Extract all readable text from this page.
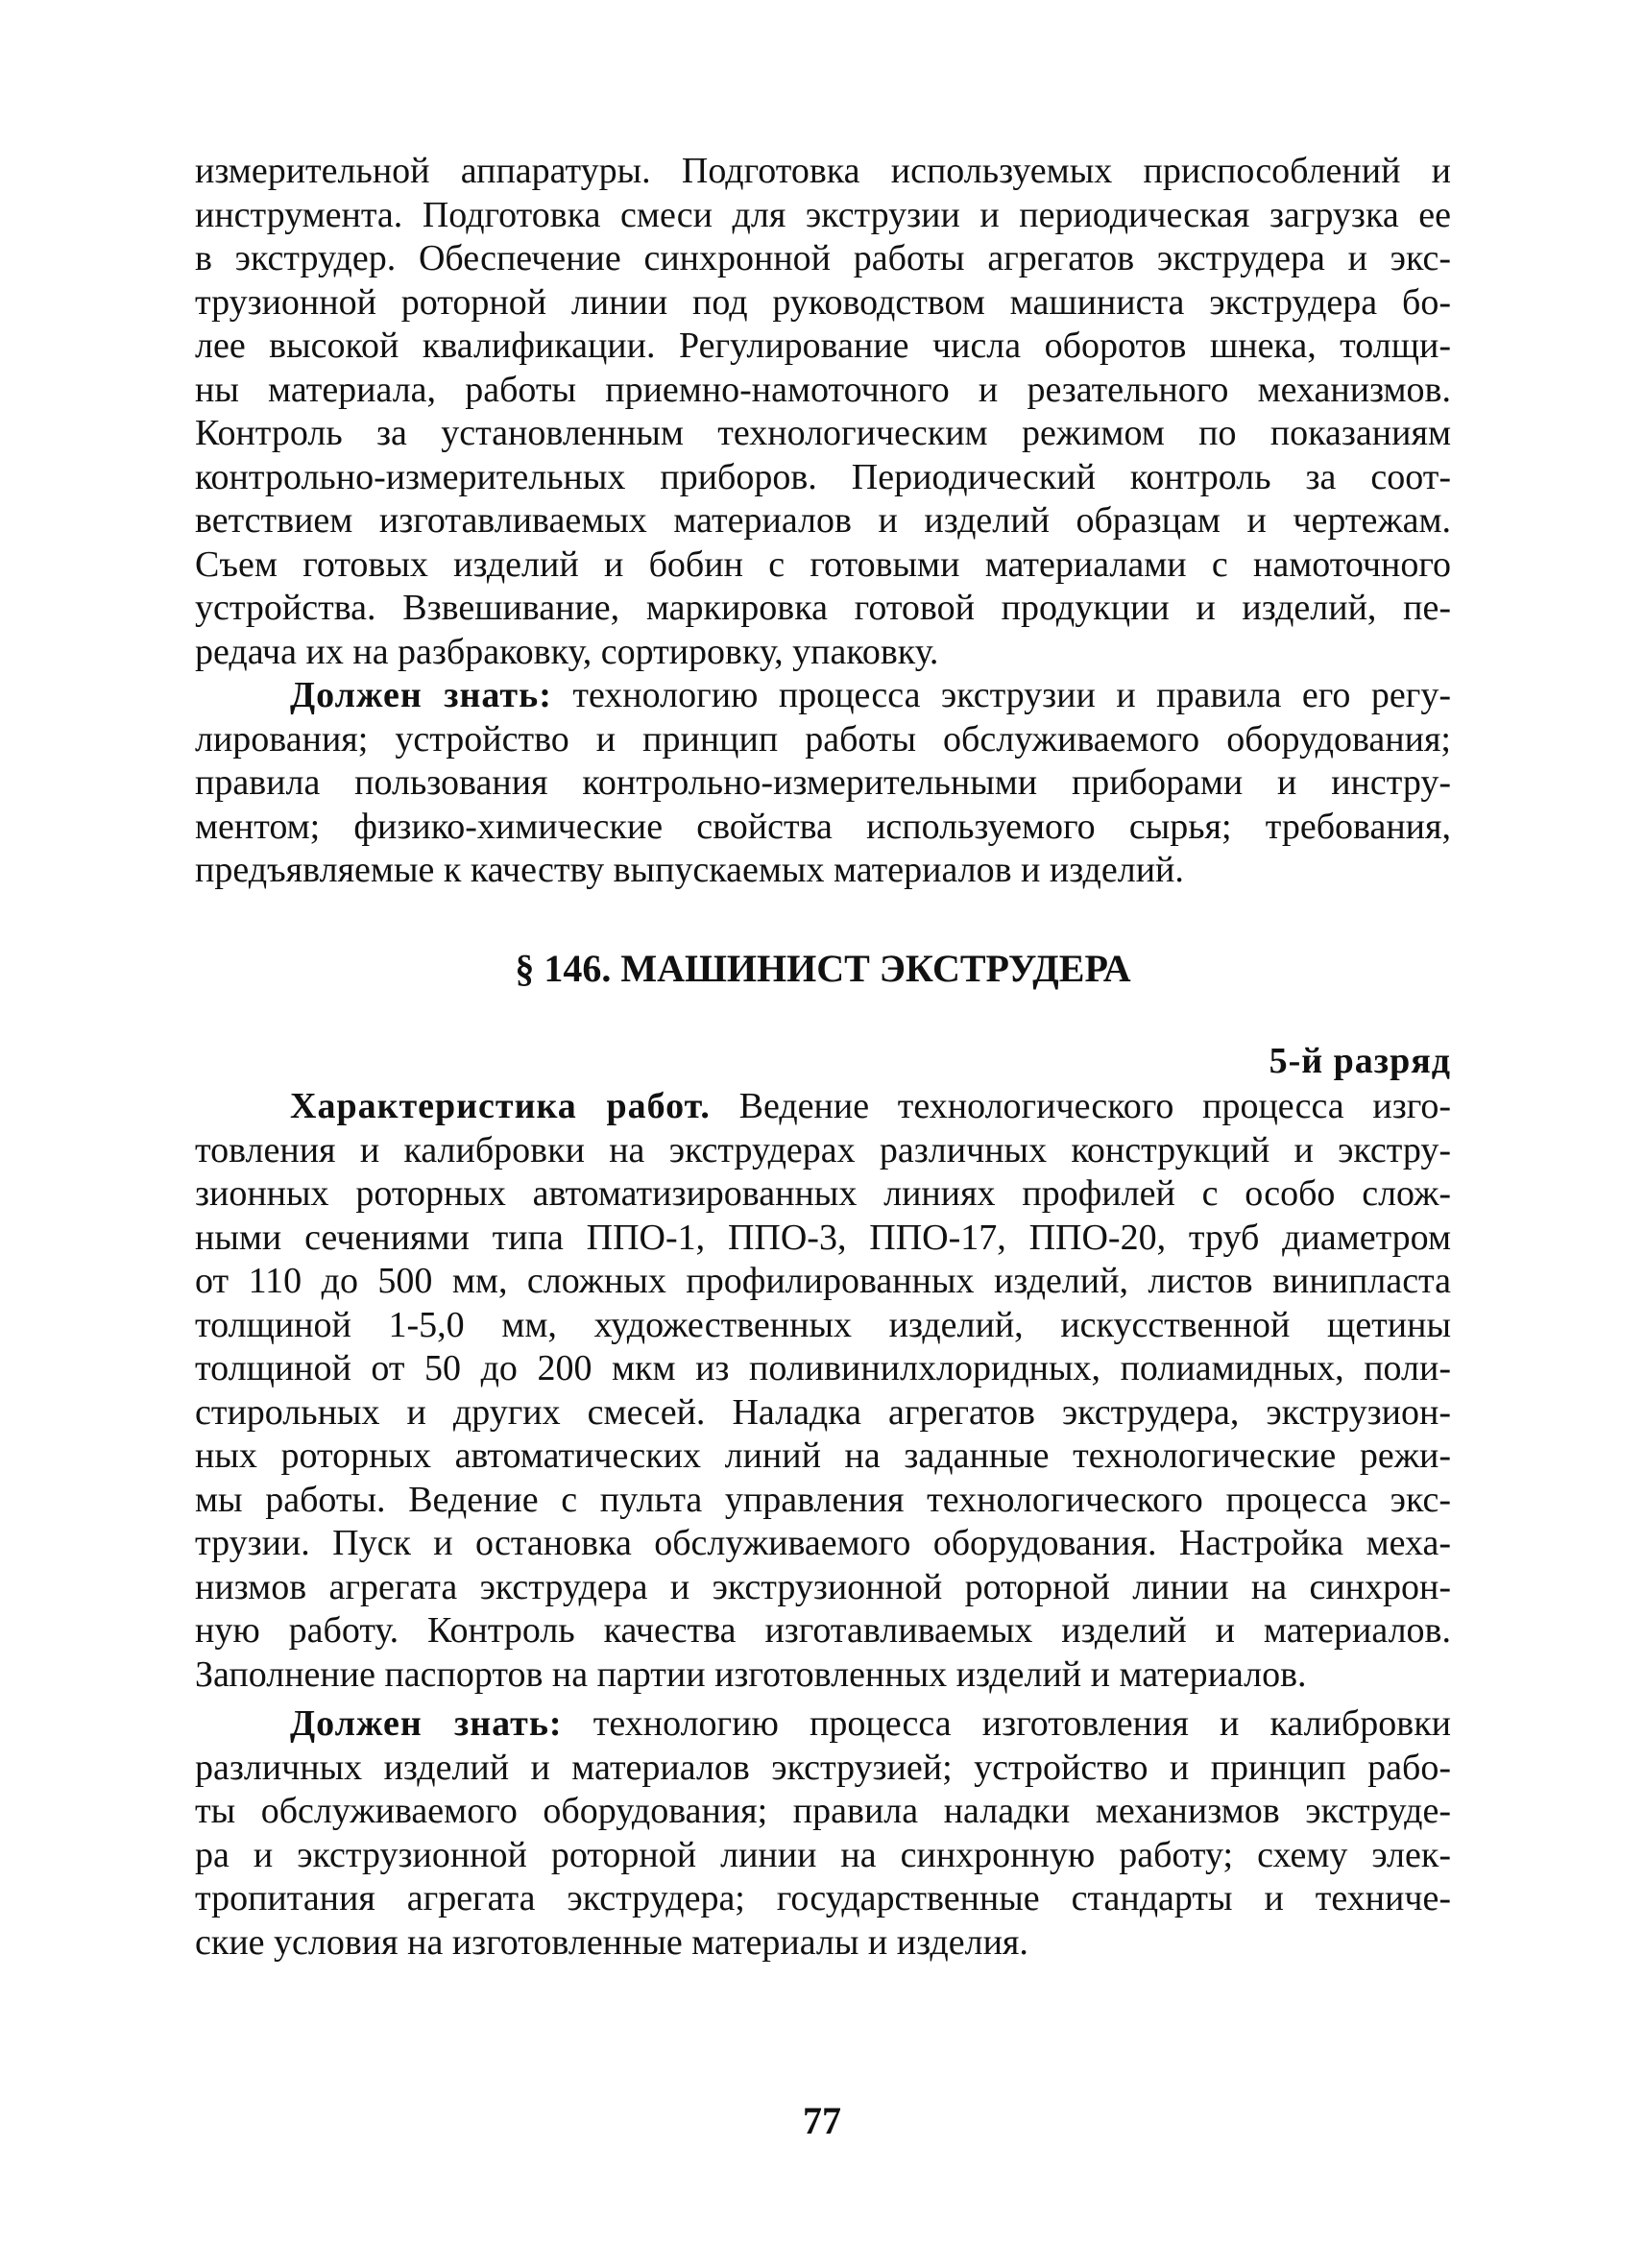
измерительной аппаратуры. Подготовка используемых приспособлений и
инструмента. Подготовка смеси для экструзии и периодическая загрузка ее
в экструдер. Обеспечение синхронной работы агрегатов экструдера и экс-
трузионной роторной линии под руководством машиниста экструдера бо-
лее высокой квалификации. Регулирование числа оборотов шнека, толщи-
ны материала, работы приемно-намоточного и резательного механизмов.
Контроль за установленным технологическим режимом по показаниям
контрольно-измерительных приборов. Периодический контроль за соот-
ветствием изготавливаемых материалов и изделий образцам и чертежам.
Съем готовых изделий и бобин с готовыми материалами с намоточного
устройства. Взвешивание, маркировка готовой продукции и изделий, пе-
редача их на разбраковку, сортировку, упаковку.

Должен знать: технологию процесса экструзии и правила его регу-
лирования; устройство и принцип работы обслуживаемого оборудования;
правила пользования контрольно-измерительными приборами и инстру-
ментом; физико-химические свойства используемого сырья; требования,
предъявляемые к качеству выпускаемых материалов и изделий.

§ 146. МАШИНИСТ ЭКСТРУДЕРА

5-й разряд

Характеристика работ. Ведение технологического процесса изго-
товления и калибровки на экструдерах различных конструкций и экстру-
зионных роторных автоматизированных линиях профилей с особо слож-
ными сечениями типа ППО-1, ППО-3, ППО-17, ППО-20, труб диаметром
от 110 до 500 мм, сложных профилированных изделий, листов винипласта
толщиной 1-5,0 мм, художественных изделий, искусственной щетины
толщиной от 50 до 200 мкм из поливинилхлоридных, полиамидных, поли-
стирольных и других смесей. Наладка агрегатов экструдера, экструзион-
ных роторных автоматических линий на заданные технологические режи-
мы работы. Ведение с пульта управления технологического процесса экс-
трузии. Пуск и остановка обслуживаемого оборудования. Настройка меха-
низмов агрегата экструдера и экструзионной роторной линии на синхрон-
ную работу. Контроль качества изготавливаемых изделий и материалов.
Заполнение паспортов на партии изготовленных изделий и материалов.

Должен знать: технологию процесса изготовления и калибровки
различных изделий и материалов экструзией; устройство и принцип рабо-
ты обслуживаемого оборудования; правила наладки механизмов экструде-
ра и экструзионной роторной линии на синхронную работу; схему элек-
тропитания агрегата экструдера; государственные стандарты и техниче-
ские условия на изготовленные материалы и изделия.

77
